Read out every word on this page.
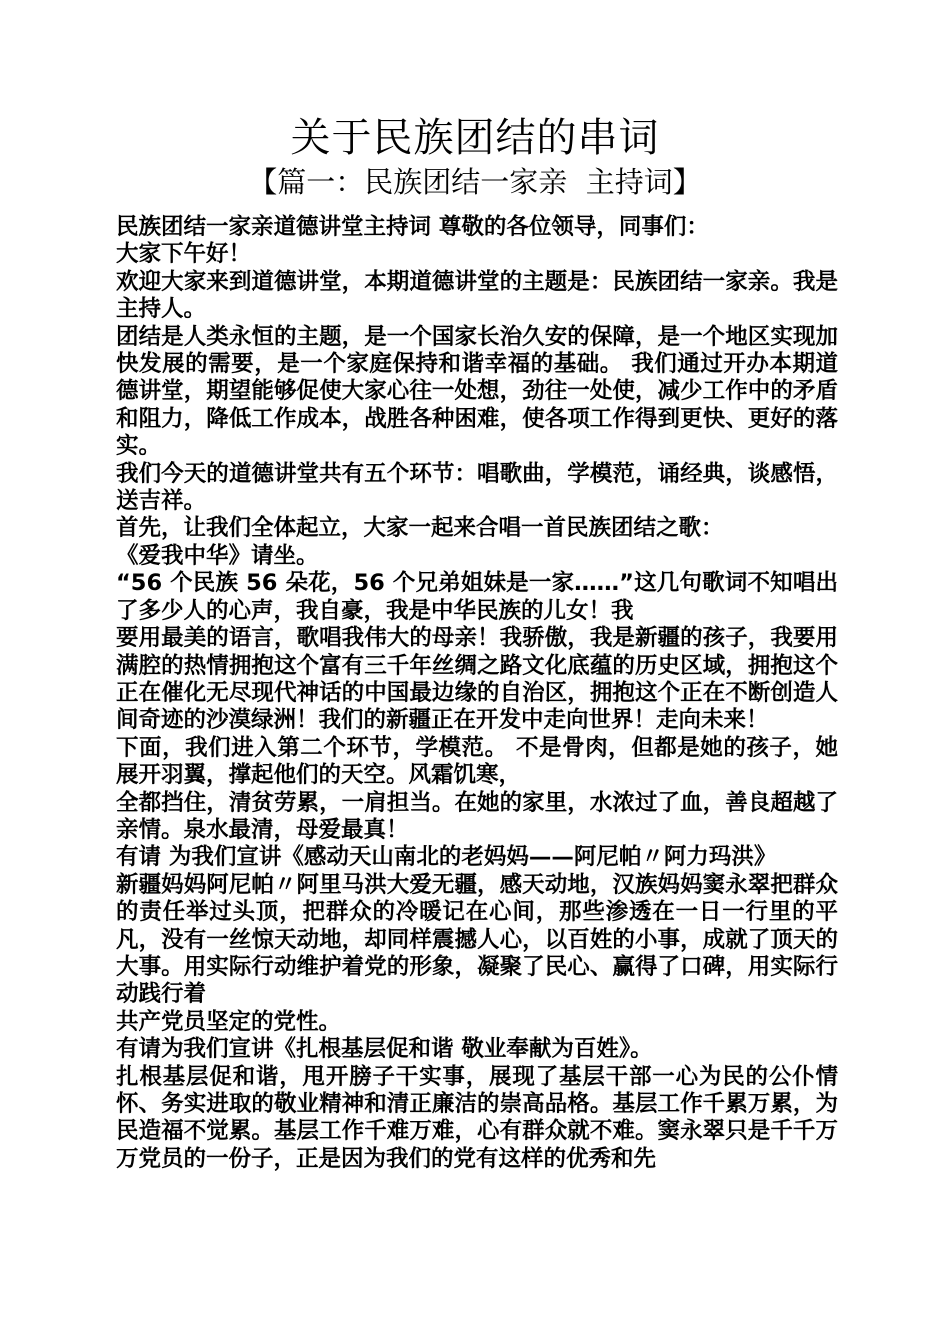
关于民族团结的串词
【篇一：民族团结一家亲  主持词】

民族团结一家亲道德讲堂主持词 尊敬的各位领导，同事们：

大家下午好！

欢迎大家来到道德讲堂，本期道德讲堂的主题是：民族团结一家亲。我是主持人。

团结是人类永恒的主题，是一个国家长治久安的保障，是一个地区实现加快发展的需要，是一个家庭保持和谐幸福的基础。 我们通过开办本期道德讲堂，期望能够促使大家心往一处想，劲往一处使，减少工作中的矛盾和阻力，降低工作成本，战胜各种困难，使各项工作得到更快、更好的落实。

我们今天的道德讲堂共有五个环节：唱歌曲，学模范，诵经典，谈感悟，送吉祥。

首先，让我们全体起立，大家一起来合唱一首民族团结之歌：

《爱我中华》请坐。

“56 个民族 56 朵花，56 个兄弟姐妹是一家……”这几句歌词不知唱出了多少人的心声，我自豪，我是中华民族的儿女！我

要用最美的语言，歌唱我伟大的母亲！我骄傲，我是新疆的孩子，我要用满腔的热情拥抱这个富有三千年丝绸之路文化底蕴的历史区域，拥抱这个正在催化无尽现代神话的中国最边缘的自治区，拥抱这个正在不断创造人间奇迹的沙漠绿洲！我们的新疆正在开发中走向世界！走向未来！

下面，我们进入第二个环节，学模范。 不是骨肉，但都是她的孩子，她展开羽翼，撑起他们的天空。风霜饥寒，

全都挡住，清贫劳累，一肩担当。在她的家里，水浓过了血，善良超越了亲情。泉水最清，母爱最真！

有请 为我们宣讲《感动天山南北的老妈妈——阿尼帕〃阿力玛洪》

新疆妈妈阿尼帕〃阿里马洪大爱无疆，感天动地，汉族妈妈窦永翠把群众的责任举过头顶，把群众的冷暖记在心间，那些渗透在一日一行里的平凡，没有一丝惊天动地，却同样震撼人心，以百姓的小事，成就了顶天的大事。用实际行动维护着党的形象，凝聚了民心、赢得了口碑，用实际行动践行着

共产党员坚定的党性。

有请为我们宣讲《扎根基层促和谐 敬业奉献为百姓》。

扎根基层促和谐，甩开膀子干实事，展现了基层干部一心为民的公仆情怀、务实进取的敬业精神和清正廉洁的崇高品格。基层工作千累万累，为民造福不觉累。基层工作千难万难，心有群众就不难。窦永翠只是千千万万党员的一份子，正是因为我们的党有这样的优秀和先
